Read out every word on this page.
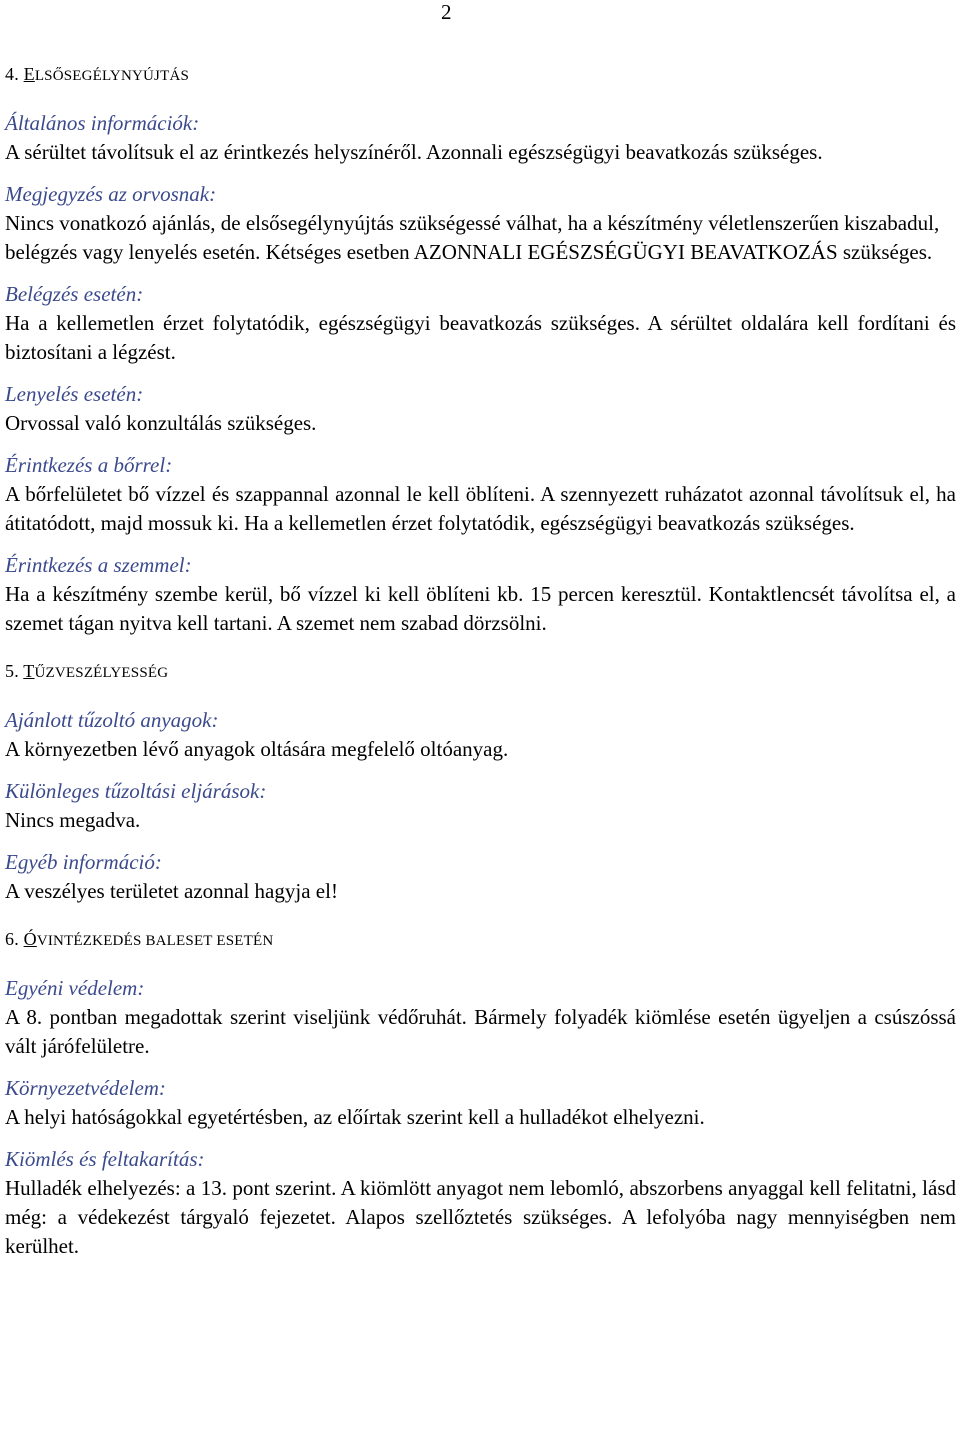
2
4. ELSŐSEGÉLYNYÚJTÁS
Általános információk:
A sérültet távolítsuk el az érintkezés helyszínéről. Azonnali egészségügyi beavatkozás szükséges.
Megjegyzés az orvosnak:
Nincs vonatkozó ajánlás, de elsősegélynyújtás szükségessé válhat, ha a készítmény véletlenszerűen kiszabadul, belégzés vagy lenyelés esetén. Kétséges esetben AZONNALI EGÉSZSÉGÜGYI BEAVATKOZÁS szükséges.
Belégzés esetén:
Ha a kellemetlen érzet folytatódik, egészségügyi beavatkozás szükséges. A sérültet oldalára kell fordítani és biztosítani a légzést.
Lenyelés esetén:
Orvossal való konzultálás szükséges.
Érintkezés a bőrrel:
A bőrfelületet bő vízzel és szappannal azonnal le kell öblíteni. A szennyezett ruházatot azonnal távolítsuk el, ha átitatódott, majd mossuk ki. Ha a kellemetlen érzet folytatódik, egészségügyi beavatkozás szükséges.
Érintkezés a szemmel:
Ha a készítmény szembe kerül, bő vízzel ki kell öblíteni kb. 15 percen keresztül. Kontaktlencsét távolítsa el, a szemet tágan nyitva kell tartani. A szemet nem szabad dörzsölni.
5. TŰZVESZÉLYESSÉG
Ajánlott tűzoltó anyagok:
A környezetben lévő anyagok oltására megfelelő oltóanyag.
Különleges tűzoltási eljárások:
Nincs megadva.
Egyéb információ:
A veszélyes területet azonnal hagyja el!
6. ÓVINTÉZKEDÉS BALESET ESETÉN
Egyéni védelem:
A 8. pontban megadottak szerint viseljünk védőruhát. Bármely folyadék kiömlése esetén ügyeljen a csúszóssá vált járófelületre.
Környezetvédelem:
A helyi hatóságokkal egyetértésben, az előírtak szerint kell a hulladékot elhelyezni.
Kiömlés és feltakarítás:
Hulladék elhelyezés: a 13. pont szerint. A kiömlött anyagot nem lebomló, abszorbens anyaggal kell felitatni, lásd még: a védekezést tárgyaló fejezetet. Alapos szellőztetés szükséges. A lefolyóba nagy mennyiségben nem kerülhet.
